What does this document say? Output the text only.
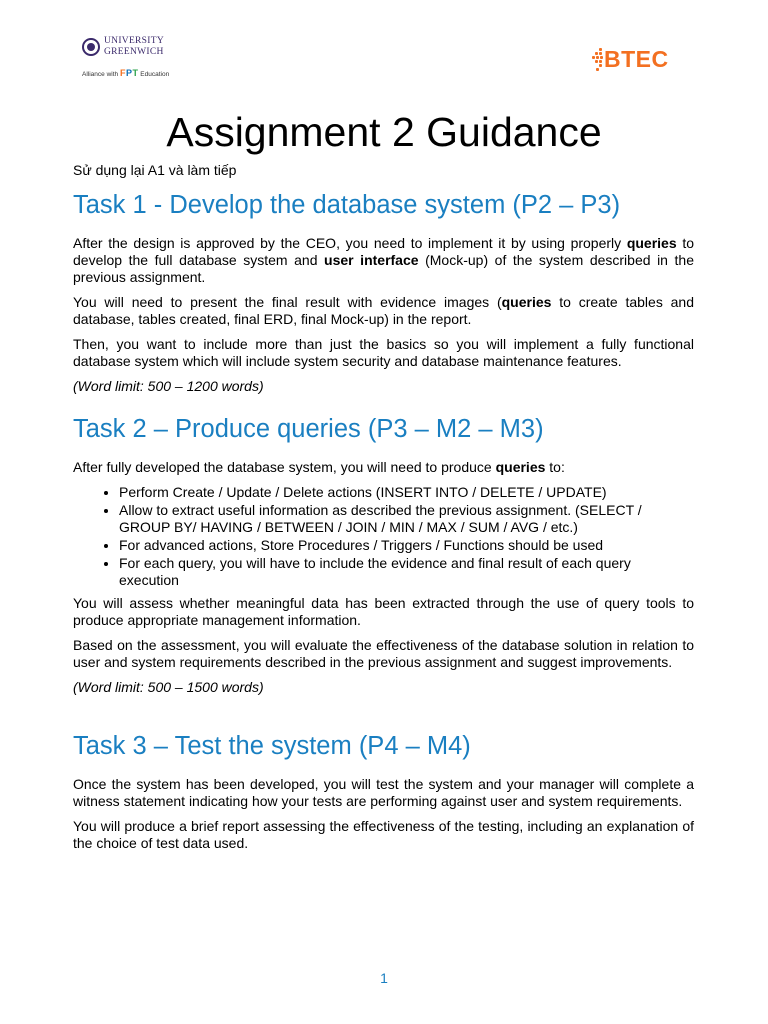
UNIVERSITY
GREENWICH
Alliance with FPT Education
BTEC
Assignment 2 Guidance
Sử dụng lại A1 và làm tiếp
Task 1 - Develop the database system (P2 – P3)

After the design is approved by the CEO, you need to implement it by using properly queries to develop the full database system and user interface (Mock-up) of the system described in the previous assignment.

You will need to present the final result with evidence images (queries to create tables and database, tables created, final ERD, final Mock-up) in the report.

Then, you want to include more than just the basics so you will implement a fully functional database system which will include system security and database maintenance features.

(Word limit: 500 – 1200 words)

Task 2 – Produce queries (P3 – M2 – M3)

After fully developed the database system, you will need to produce queries to:

• Perform Create / Update / Delete actions (INSERT INTO / DELETE / UPDATE)
• Allow to extract useful information as described the previous assignment. (SELECT / GROUP BY/ HAVING / BETWEEN / JOIN / MIN / MAX / SUM / AVG / etc.)
• For advanced actions, Store Procedures / Triggers / Functions should be used
• For each query, you will have to include the evidence and final result of each query execution

You will assess whether meaningful data has been extracted through the use of query tools to produce appropriate management information.

Based on the assessment, you will evaluate the effectiveness of the database solution in relation to user and system requirements described in the previous assignment and suggest improvements.

(Word limit: 500 – 1500 words)

Task 3 – Test the system (P4 – M4)

Once the system has been developed, you will test the system and your manager will complete a witness statement indicating how your tests are performing against user and system requirements.

You will produce a brief report assessing the effectiveness of the testing, including an explanation of the choice of test data used.

1
